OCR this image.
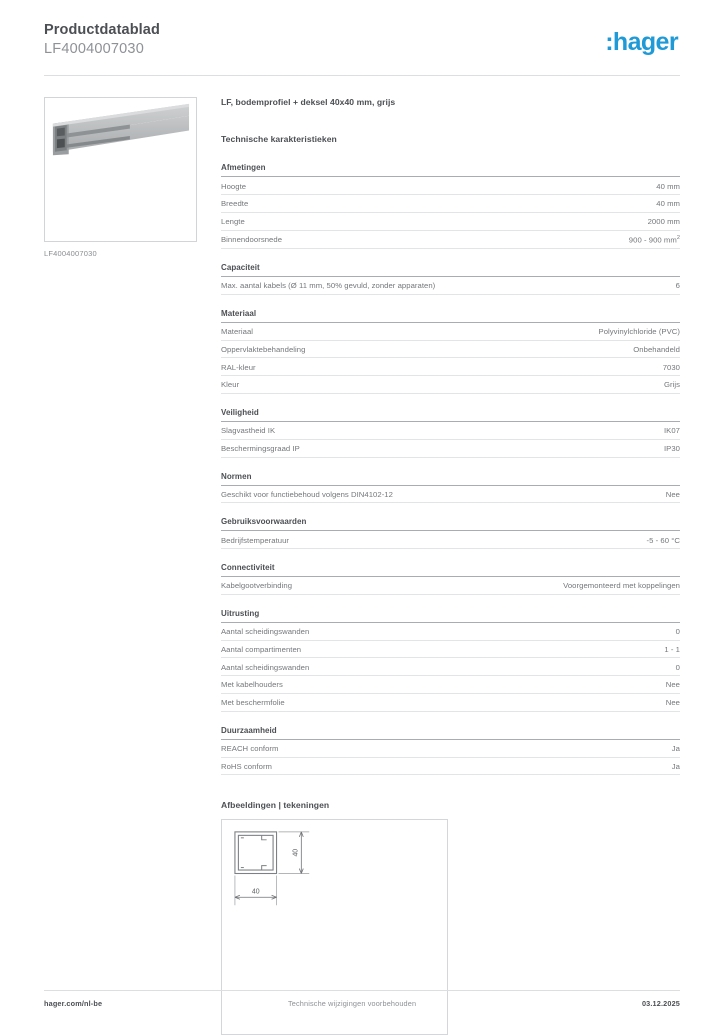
Productdatablad
LF4004007030	:hager
LF4004007030
LF, bodemprofiel + deksel 40x40 mm, grijs
Technische karakteristieken
Afmetingen
Hoogte	40 mm
Breedte	40 mm
Lengte	2000 mm
Binnendoorsnede	900 - 900 $mm^2$
Capaciteit
Max. aantal kabels (Ø 11 mm, 50% gevuld, zonder apparaten)	6
Materiaal
Materiaal	Polyvinylchloride (PVC)
Oppervlaktebehandeling	Onbehandeld
RAL-kleur	7030
Kleur	Grijs
Veiligheid
Slagvastheid IK	IK07
Beschermingsgraad IP	IP30
Normen
Geschikt voor functiebehoud volgens DIN4102-12	Nee
Gebruiksvoorwaarden
Bedrijfstemperatuur	-5 - 60 °C
Connectiviteit
Kabelgootverbinding	Voorgemonteerd met koppelingen
Uitrusting
Aantal scheidingswanden	0
Aantal compartimenten	1 - 1
Aantal scheidingswanden	0
Met kabelhouders	Nee
Met beschermfolie	Nee
Duurzaamheid
REACH conform	Ja
RoHS conform	Ja
Afbeeldingen | tekeningen
40
40
hager.com/nl-be	Technische wijzigingen voorbehouden	03.12.2025
